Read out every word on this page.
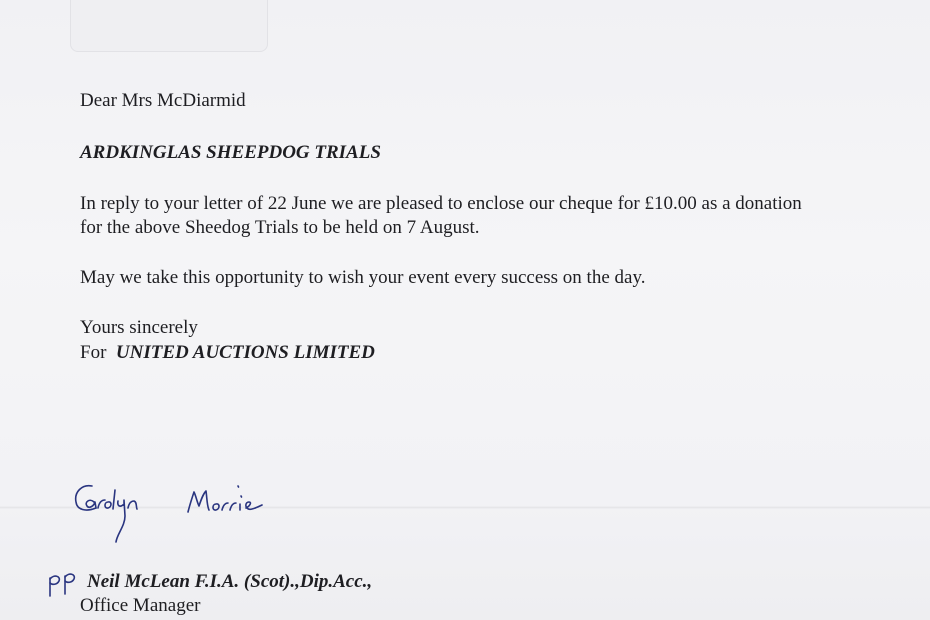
Dear Mrs McDiarmid
ARDKINGLAS SHEEPDOG TRIALS
In reply to your letter of 22 June we are pleased to enclose our cheque for £10.00 as a donation
for the above Sheedog Trials to be held on 7 August.
May we take this opportunity to wish your event every success on the day.
Yours sincerely
For UNITED AUCTIONS LIMITED
Neil McLean F.I.A. (Scot).,Dip.Acc.,
Office Manager
